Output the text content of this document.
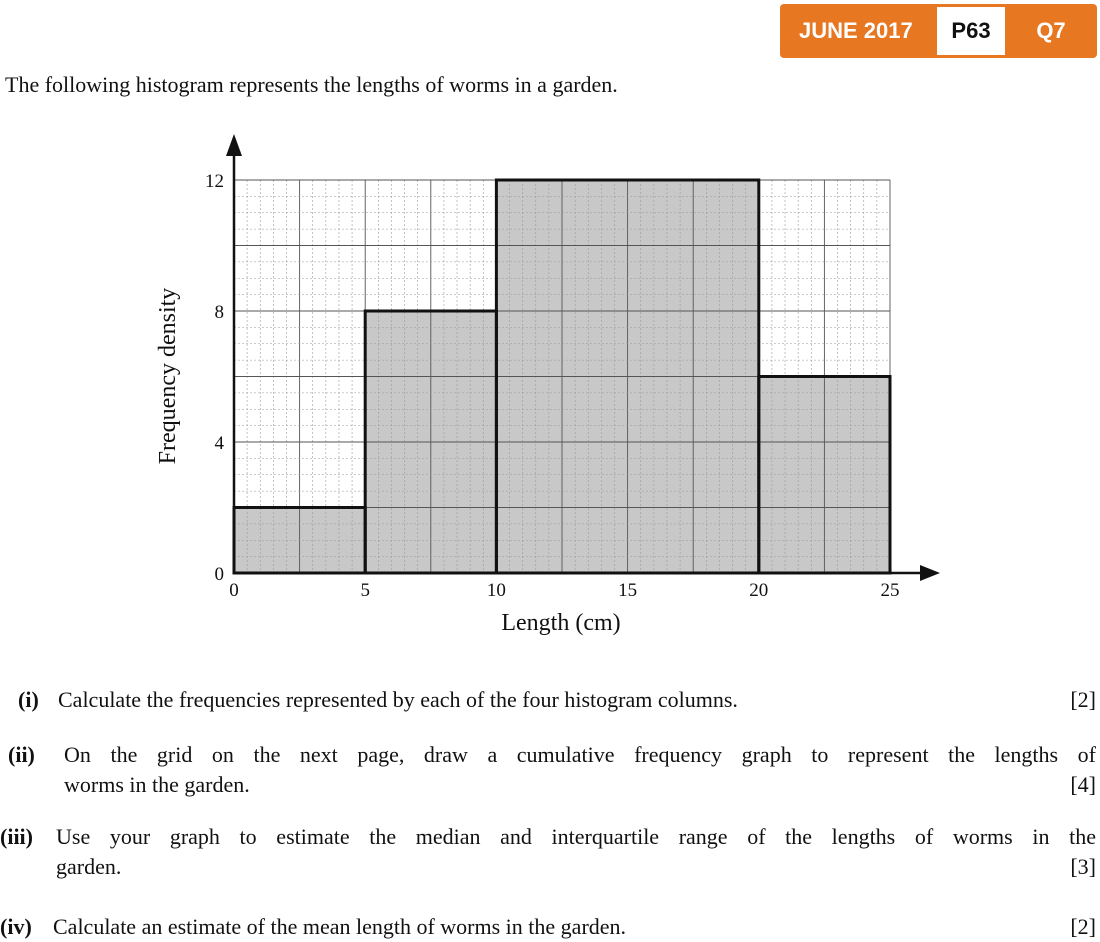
JUNE 2017	P63	Q7
The following histogram represents the lengths of worms in a garden.
0	5	10	15	20	25
0
4
8
12
Length (cm)
Frequency density
(i) Calculate the frequencies represented by each of the four histogram columns.	[2]
(ii) On the grid on the next page, draw a cumulative frequency graph to represent the lengths of
worms in the garden.	[4]
(iii) Use your graph to estimate the median and interquartile range of the lengths of worms in the
garden.	[3]
(iv) Calculate an estimate of the mean length of worms in the garden.	[2]
